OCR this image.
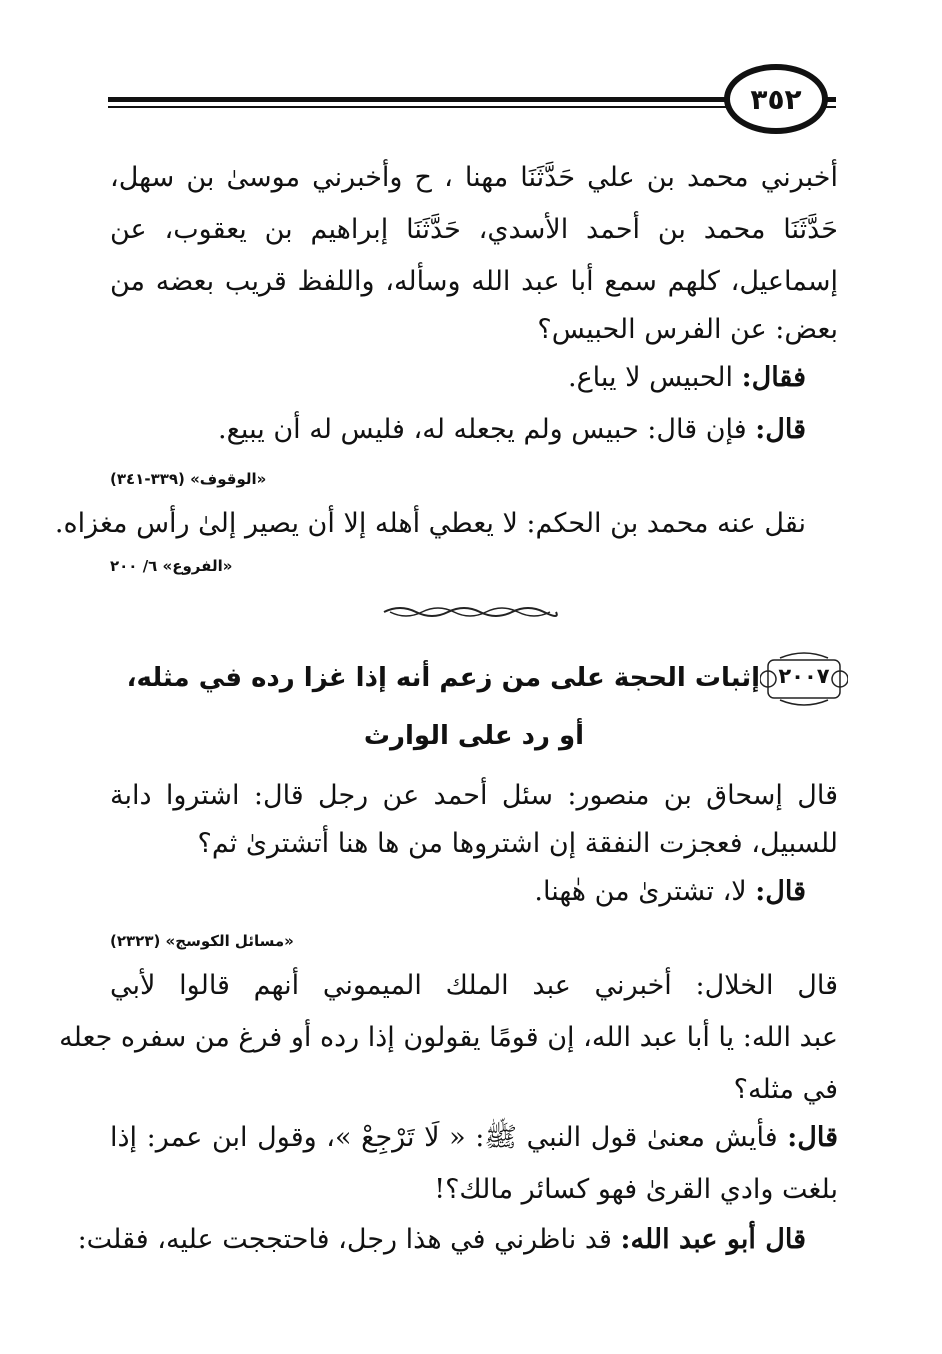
٣٥٢
أخبرني محمد بن علي حَدَّثَنَا مهنا ، ح وأخبرني موسىٰ بن سهل،
حَدَّثَنَا محمد بن أحمد الأسدي، حَدَّثَنَا إبراهيم بن يعقوب، عن
إسماعيل، كلهم سمع أبا عبد الله وسأله، واللفظ قريب بعضه من
بعض: عن الفرس الحبيس؟
فقال: الحبيس لا يباع.
قال: فإن قال: حبيس ولم يجعله له، فليس له أن يبيع.
«الوقوف» (٣٣٩-٣٤١)
نقل عنه محمد بن الحكم: لا يعطي أهله إلا أن يصير إلىٰ رأس مغزاه.
«الفروع» ٦/ ٢٠٠
٢٠٠٧
إثبات الحجة على من زعم أنه إذا غزا رده في مثله،
أو رد على الوارث
قال إسحاق بن منصور: سئل أحمد عن رجل قال: اشتروا دابة
للسبيل، فعجزت النفقة إن اشتروها من ها هنا أتشترىٰ ثم؟
قال: لا، تشترىٰ من هٰهنا.
«مسائل الكوسج» (٢٣٢٣)
قال الخلال: أخبرني عبد الملك الميموني أنهم قالوا لأبي
عبد الله: يا أبا عبد الله، إن قومًا يقولون إذا رده أو فرغ من سفره جعله
في مثله؟
قال: فأيش معنىٰ قول النبي ﷺ: « لَا تَرْجِعْ »، وقول ابن عمر: إذا
بلغت وادي القرىٰ فهو كسائر مالك؟!
قال أبو عبد الله: قد ناظرني في هذا رجل، فاحتججت عليه، فقلت:
